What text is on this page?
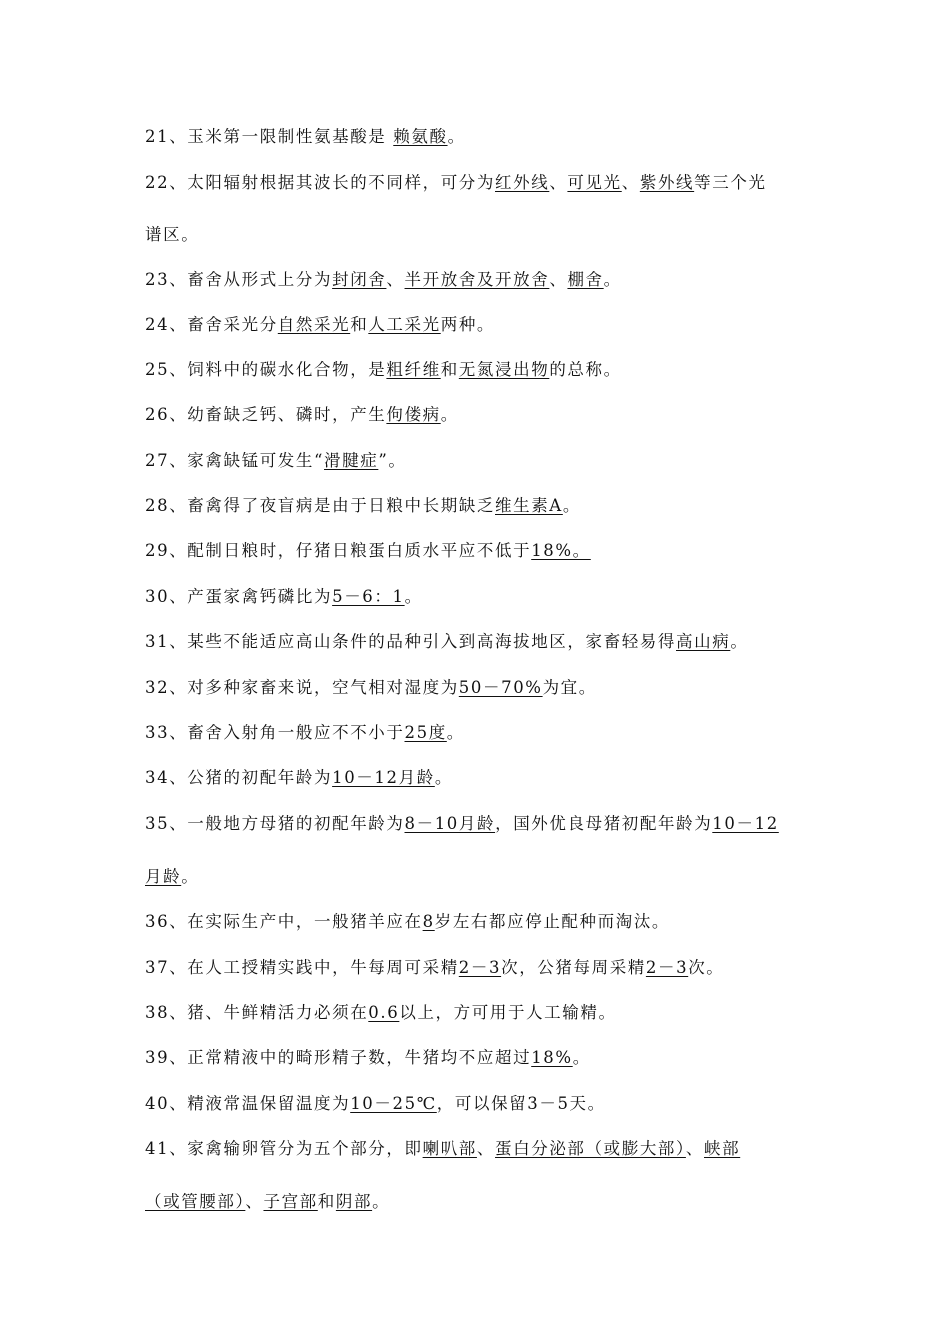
21、玉米第一限制性氨基酸是 赖氨酸。
22、太阳辐射根据其波长的不同样，可分为红外线、可见光、紫外线等三个光
谱区。
23、畜舍从形式上分为封闭舍、半开放舍及开放舍、棚舍。
24、畜舍采光分自然采光和人工采光两种。
25、饲料中的碳水化合物，是粗纤维和无氮浸出物的总称。
26、幼畜缺乏钙、磷时，产生佝偻病。
27、家禽缺锰可发生“滑腱症”。
28、畜禽得了夜盲病是由于日粮中长期缺乏维生素A。
29、配制日粮时，仔猪日粮蛋白质水平应不低于18%。
30、产蛋家禽钙磷比为5－6：1。
31、某些不能适应高山条件的品种引入到高海拔地区，家畜轻易得高山病。
32、对多种家畜来说，空气相对湿度为50－70%为宜。
33、畜舍入射角一般应不不小于25度。
34、公猪的初配年龄为10－12月龄。
35、一般地方母猪的初配年龄为8－10月龄，国外优良母猪初配年龄为10－12
月龄。
36、在实际生产中，一般猪羊应在8岁左右都应停止配种而淘汰。
37、在人工授精实践中，牛每周可采精2－3次，公猪每周采精2－3次。
38、猪、牛鲜精活力必须在0.6以上，方可用于人工输精。
39、正常精液中的畸形精子数，牛猪均不应超过18%。
40、精液常温保留温度为10－25℃，可以保留3－5天。
41、家禽输卵管分为五个部分，即喇叭部、蛋白分泌部（或膨大部）、峡部
（或管腰部）、子宫部和阴部。
